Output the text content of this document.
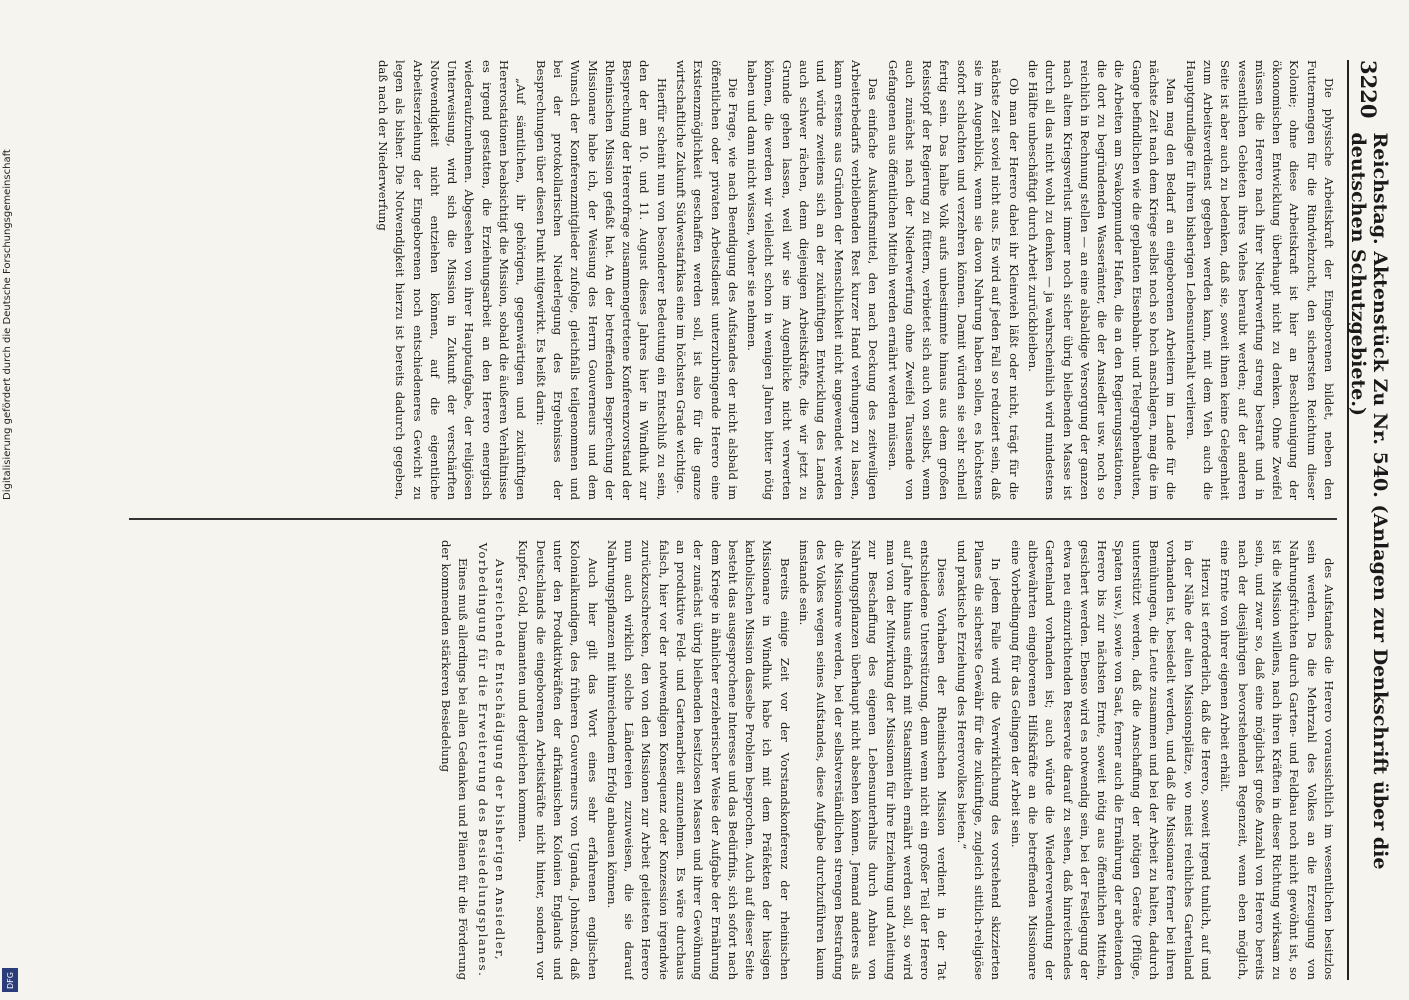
Digitalisierung gefördert durch die Deutsche Forschungsgemeinschaft
DFG
3220
Reichstag. Aktenstück Zu Nr. 540. (Anlagen zur Denkschrift über die deutschen Schutzgebiete.)

Die physische Arbeitskraft der Eingeborenen bildet, neben den Futtermengen für die Rindviehzucht, den sichersten Reichtum dieser Kolonie; ohne diese Arbeitskraft ist hier an Beschleunigung der ökonomischen Entwicklung überhaupt nicht zu denken. Ohne Zweifel müssen die Herero nach ihrer Niederwerfung streng bestraft und in wesentlichen Gebieten ihres Viehes beraubt werden; auf der anderen Seite ist aber auch zu bedenken, daß sie, soweit ihnen keine Gelegenheit zum Arbeitsverdienst gegeben werden kann, mit dem Vieh auch die Hauptgrundlage für ihren bisherigen Lebensunterhalt verlieren.

Man mag den Bedarf an eingeborenen Arbeitern im Lande für die nächste Zeit nach dem Kriege selbst noch so hoch anschlagen, mag die im Gange befindlichen wie die geplanten Eisenbahn- und Telegraphenbauten, die Arbeiten am Swakopmunder Hafen, die an den Regierungsstationen, die dort zu begründenden Wasserämter, die der Ansiedler usw. noch so reichlich in Rechnung stellen — an eine alsbaldige Versorgung der ganzen nach altem Kriegsverlust immer noch sicher übrig bleibenden Masse ist durch all das nicht wohl zu denken — ja wahrscheinlich wird mindestens die Hälfte unbeschäftigt durch Arbeit zurückbleiben.

Ob man der Herero dabei ihr Kleinvieh läßt oder nicht, trägt für die nächste Zeit soviel nicht aus. Es wird auf jeden Fall so reduziert sein, daß sie im Augenblick, wenn sie davon Nahrung haben sollen, es höchstens sofort schlachten und verzehren können. Damit würden sie sehr schnell fertig sein. Das halbe Volk aufs unbestimmte hinaus aus dem großen Reisstopf der Regierung zu füttern, verbietet sich auch von selbst, wenn auch zunächst nach der Niederwerfung ohne Zweifel Tausende von Gefangenen aus öffentlichen Mitteln werden ernährt werden müssen.

Das einfache Auskunftsmittel, den nach Deckung des zeitweiligen Arbeiterbedarfs verbleibenden Rest kurzer Hand verhungern zu lassen, kann erstens aus Gründen der Menschlichkeit nicht angewendet werden und würde zweitens sich an der zukünftigen Entwicklung des Landes auch schwer rächen, denn diejenigen Arbeitskräfte, die wir jetzt zu Grunde gehen lassen, weil wir sie im Augenblicke nicht verwerten können, die werden wir vielleicht schon in wenigen Jahren bitter nötig haben und dann nicht wissen, woher sie nehmen.

Die Frage, wie nach Beendigung des Aufstandes der nicht alsbald im öffentlichen oder privaten Arbeitsdienst unterzubringende Herero eine Existenzmöglichkeit geschaffen werden soll, ist also für die ganze wirtschaftliche Zukunft Südwestafrikas eine im höchsten Grade wichtige.

Hierfür scheint nun von besonderer Bedeutung ein Entschluß zu sein, den der am 10. und 11. August dieses Jahres hier in Windhuk zur Besprechung der Hererofrage zusammengetretene Konferenzvorstand der Rheinischen Mission gefaßt hat. An der betreffenden Besprechung der Missionare habe ich, der Weisung des Herrn Gouverneurs und dem Wunsch der Konferenzmitglieder zufolge, gleichfalls teilgenommen und bei der protokollarischen Niederlegung des Ergebnisses der Besprechungen über diesen Punkt mitgewirkt. Es heißt darin:

„Auf sämtlichen, ihr gehörigen, gegenwärtigen und zukünftigen Hererostationen beabsichtigt die Mission, sobald die äußeren Verhältnisse es irgend gestatten, die Erziehungsarbeit an den Herero energisch wiederaufzunehmen. Abgesehen von ihrer Hauptaufgabe, der religiösen Unterweisung, wird sich die Mission in Zukunft der verschärften Notwendigkeit nicht entziehen können, auf die eigentliche Arbeitserziehung der Eingeborenen noch entschiedeneres Gewicht zu legen als bisher. Die Notwendigkeit hierzu ist bereits dadurch gegeben, daß nach der Niederwerfung

des Aufstandes die Herero voraussichtlich im wesentlichen besitzlos sein werden. Da die Mehrzahl des Volkes an die Erzeugung von Nahrungsfrüchten durch Garten- und Feldbau noch nicht gewöhnt ist, so ist die Mission willens, nach ihren Kräften in dieser Richtung wirksam zu sein, und zwar so, daß eine möglichst große Anzahl von Herero bereits nach der diesjährigen bevorstehenden Regenzeit, wenn eben möglich, eine Ernte von ihrer eigenen Arbeit erhält.

Hierzu ist erforderlich, daß die Herero, soweit irgend tunlich, auf und in der Nähe der alten Missionsplätze, wo meist reichliches Gartenland vorhanden ist, besiedelt werden, und daß die Missionare ferner bei ihren Bemühungen, die Leute zusammen und bei der Arbeit zu halten, dadurch unterstützt werden, daß die Anschaffung der nötigen Geräte (Pflüge, Spaten usw.), sowie von Saat, ferner auch die Ernährung der arbeitenden Herero bis zur nächsten Ernte, soweit nötig aus öffentlichen Mitteln, gesichert werden. Ebenso wird es notwendig sein, bei der Festlegung der etwa neu einzurichtenden Reservate darauf zu sehen, daß hinreichendes Gartenland vorhanden ist; auch würde die Wiederverwendung der altbewährten eingeborenen Hilfskräfte an die betreffenden Missionare eine Vorbedingung für das Gelingen der Arbeit sein.

In jedem Falle wird die Verwirklichung des vorstehend skizzierten Planes die sicherste Gewähr für die zukünftige, zugleich sittlich-religiöse und praktische Erziehung des Hererovolkes bieten.“

Dieses Vorhaben der Rheinischen Mission verdient in der Tat entschiedene Unterstützung, denn wenn nicht ein großer Teil der Herero auf Jahre hinaus einfach mit Staatsmitteln ernährt werden soll, so wird man von der Mitwirkung der Missionen für ihre Erziehung und Anleitung zur Beschaffung des eigenen Lebensunterhalts durch Anbau von Nahrungspflanzen überhaupt nicht absehen können. Jemand anderes als die Missionare werden, bei der selbstverständlichen strengen Bestrafung des Volkes wegen seines Aufstandes, diese Aufgabe durchzuführen kaum imstande sein.

Bereits einige Zeit vor der Vorstandskonferenz der rheinischen Missionare in Windhuk habe ich mit dem Präfekten der hiesigen katholischen Mission dasselbe Problem besprochen. Auch auf dieser Seite besteht das ausgesprochene Interesse und das Bedürfnis, sich sofort nach dem Kriege in ähnlicher erzieherischer Weise der Aufgabe der Ernährung der zunächst übrig bleibenden besitzlosen Massen und ihrer Gewöhnung an produktive Feld- und Gartenarbeit anzunehmen. Es wäre durchaus falsch, hier vor der notwendigen Konsequenz oder Konzession irgendwie zurückzuschrecken, den von den Missionen zur Arbeit geleiteten Herero nun auch wirklich solche Ländereien zuzuweisen, die sie darauf Nahrungspflanzen mit hinreichendem Erfolg anbauen können.

Auch hier gilt das Wort eines sehr erfahrenen englischen Kolonialkundigen, des früheren Gouverneurs von Uganda, Johnston, daß unter den Produktivkräften der afrikanischen Kolonien Englands und Deutschlands die eingeborenen Arbeitskräfte nicht hinter, sondern vor Kupfer, Gold, Diamanten und dergleichen kommen.

Ausreichende Entschädigung der bisherigen Ansiedler, Vorbedingung für die Erweiterung des Besiedelungsplanes.

Eines muß allerdings bei allen Gedanken und Plänen für die Förderung der kommenden stärkeren Besiedelung
